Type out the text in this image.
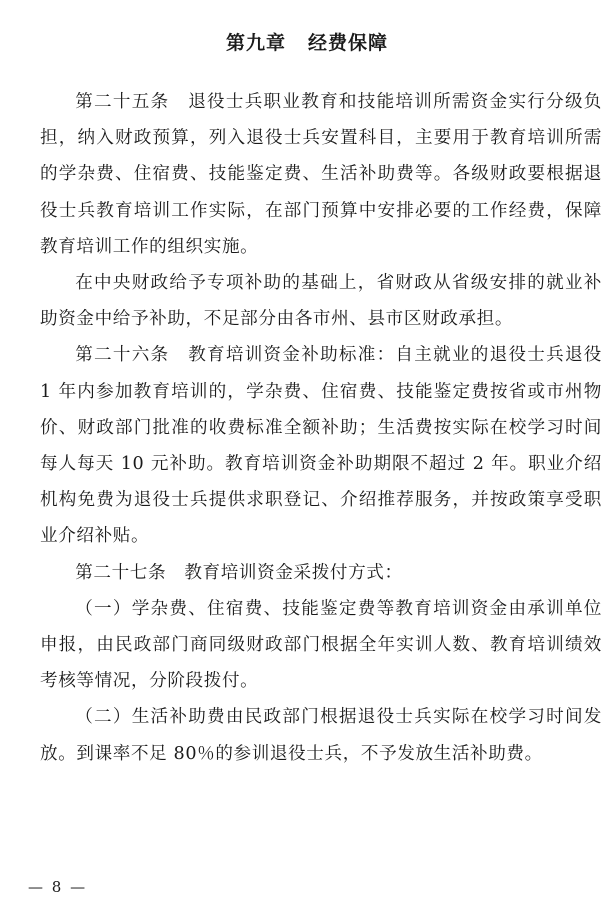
第九章 经费保障

第二十五条　退役士兵职业教育和技能培训所需资金实行分级负担，纳入财政预算，列入退役士兵安置科目，主要用于教育培训所需的学杂费、住宿费、技能鉴定费、生活补助费等。各级财政要根据退役士兵教育培训工作实际，在部门预算中安排必要的工作经费，保障教育培训工作的组织实施。

在中央财政给予专项补助的基础上，省财政从省级安排的就业补助资金中给予补助，不足部分由各市州、县市区财政承担。

第二十六条　教育培训资金补助标准：自主就业的退役士兵退役 1 年内参加教育培训的，学杂费、住宿费、技能鉴定费按省或市州物价、财政部门批准的收费标准全额补助；生活费按实际在校学习时间每人每天 10 元补助。教育培训资金补助期限不超过 2 年。职业介绍机构免费为退役士兵提供求职登记、介绍推荐服务，并按政策享受职业介绍补贴。

第二十七条　教育培训资金采拨付方式：

（一）学杂费、住宿费、技能鉴定费等教育培训资金由承训单位申报，由民政部门商同级财政部门根据全年实训人数、教育培训绩效考核等情况，分阶段拨付。

（二）生活补助费由民政部门根据退役士兵实际在校学习时间发放。到课率不足 80％的参训退役士兵，不予发放生活补助费。

— 8 —
